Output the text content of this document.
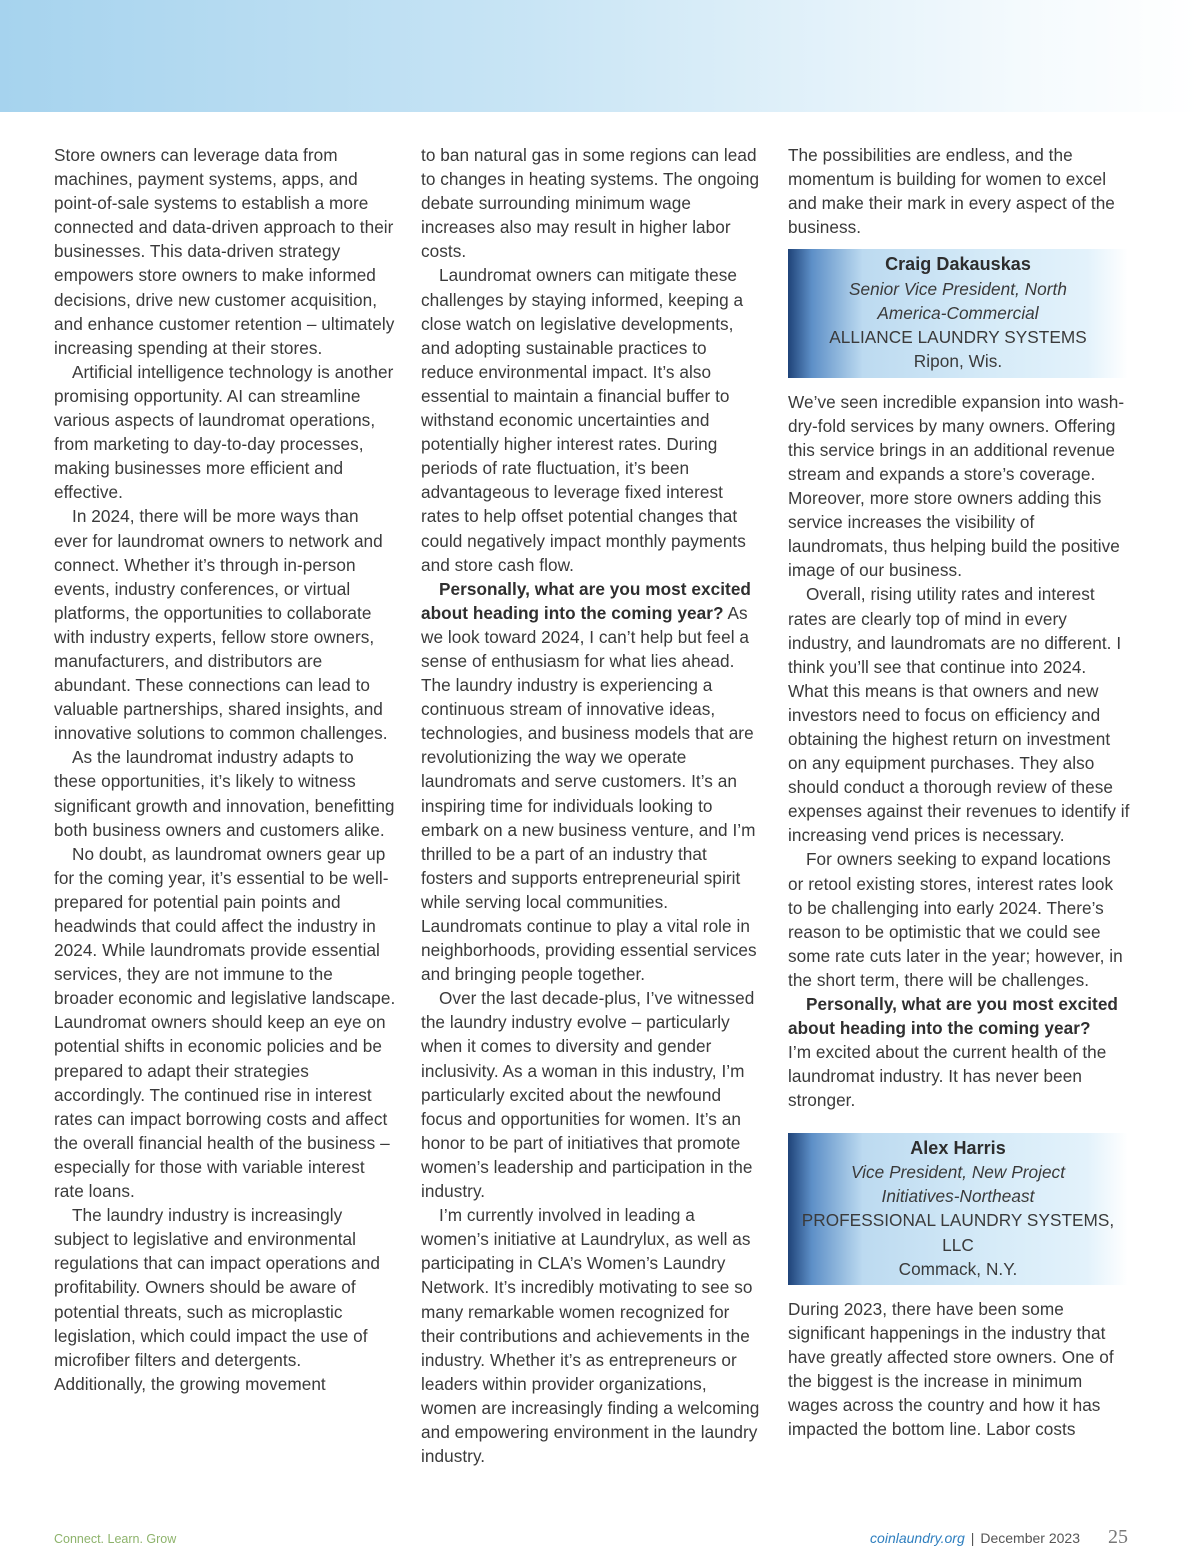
Store owners can leverage data from machines, payment systems, apps, and point-of-sale systems to establish a more connected and data-driven approach to their businesses. This data-driven strategy empowers store owners to make informed decisions, drive new customer acquisition, and enhance customer retention – ultimately increasing spending at their stores.

Artificial intelligence technology is another promising opportunity. AI can streamline various aspects of laundromat operations, from marketing to day-to-day processes, making businesses more efficient and effective.

In 2024, there will be more ways than ever for laundromat owners to network and connect. Whether it’s through in-person events, industry conferences, or virtual platforms, the opportunities to collaborate with industry experts, fellow store owners, manufacturers, and distributors are abundant. These connections can lead to valuable partnerships, shared insights, and innovative solutions to common challenges.

As the laundromat industry adapts to these opportunities, it’s likely to witness significant growth and innovation, benefitting both business owners and customers alike.

No doubt, as laundromat owners gear up for the coming year, it’s essential to be well-prepared for potential pain points and headwinds that could affect the industry in 2024. While laundromats provide essential services, they are not immune to the broader economic and legislative landscape. Laundromat owners should keep an eye on potential shifts in economic policies and be prepared to adapt their strategies accordingly. The continued rise in interest rates can impact borrowing costs and affect the overall financial health of the business – especially for those with variable interest rate loans.

The laundry industry is increasingly subject to legislative and environmental regulations that can impact operations and profitability. Owners should be aware of potential threats, such as microplastic legislation, which could impact the use of microfiber filters and detergents. Additionally, the growing movement

to ban natural gas in some regions can lead to changes in heating systems. The ongoing debate surrounding minimum wage increases also may result in higher labor costs.

Laundromat owners can mitigate these challenges by staying informed, keeping a close watch on legislative developments, and adopting sustainable practices to reduce environmental impact. It’s also essential to maintain a financial buffer to withstand economic uncertainties and potentially higher interest rates. During periods of rate fluctuation, it’s been advantageous to leverage fixed interest rates to help offset potential changes that could negatively impact monthly payments and store cash flow.

Personally, what are you most excited about heading into the coming year? As we look toward 2024, I can’t help but feel a sense of enthusiasm for what lies ahead. The laundry industry is experiencing a continuous stream of innovative ideas, technologies, and business models that are revolutionizing the way we operate laundromats and serve customers. It’s an inspiring time for individuals looking to embark on a new business venture, and I’m thrilled to be a part of an industry that fosters and supports entrepreneurial spirit while serving local communities. Laundromats continue to play a vital role in neighborhoods, providing essential services and bringing people together.

Over the last decade-plus, I’ve witnessed the laundry industry evolve – particularly when it comes to diversity and gender inclusivity. As a woman in this industry, I’m particularly excited about the newfound focus and opportunities for women. It’s an honor to be part of initiatives that promote women’s leadership and participation in the industry.

I’m currently involved in leading a women’s initiative at Laundrylux, as well as participating in CLA’s Women’s Laundry Network. It’s incredibly motivating to see so many remarkable women recognized for their contributions and achievements in the industry. Whether it’s as entrepreneurs or leaders within provider organizations, women are increasingly finding a welcoming and empowering environment in the laundry industry.

The possibilities are endless, and the momentum is building for women to excel and make their mark in every aspect of the business.

Craig Dakauskas
Senior Vice President, North
America-Commercial
ALLIANCE LAUNDRY SYSTEMS
Ripon, Wis.

We’ve seen incredible expansion into wash-dry-fold services by many owners. Offering this service brings in an additional revenue stream and expands a store’s coverage. Moreover, more store owners adding this service increases the visibility of laundromats, thus helping build the positive image of our business.

Overall, rising utility rates and interest rates are clearly top of mind in every industry, and laundromats are no different. I think you’ll see that continue into 2024. What this means is that owners and new investors need to focus on efficiency and obtaining the highest return on investment on any equipment purchases. They also should conduct a thorough review of these expenses against their revenues to identify if increasing vend prices is necessary.

For owners seeking to expand locations or retool existing stores, interest rates look to be challenging into early 2024. There’s reason to be optimistic that we could see some rate cuts later in the year; however, in the short term, there will be challenges.

Personally, what are you most excited about heading into the coming year?

I’m excited about the current health of the laundromat industry. It has never been stronger.

Alex Harris
Vice President, New Project
Initiatives-Northeast
PROFESSIONAL LAUNDRY SYSTEMS, LLC
Commack, N.Y.

During 2023, there have been some significant happenings in the industry that have greatly affected store owners. One of the biggest is the increase in minimum wages across the country and how it has impacted the bottom line. Labor costs

Connect. Learn. Grow	coinlaundry.org | December 2023 25
